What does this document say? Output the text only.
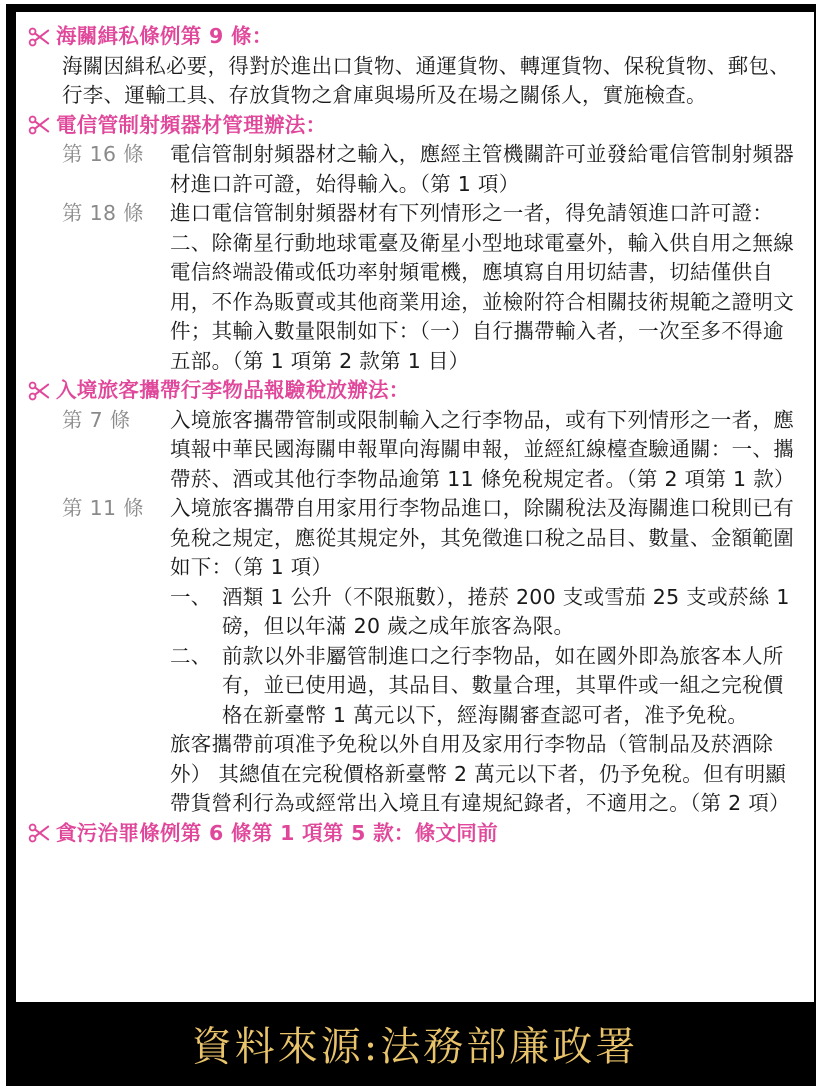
海關緝私條例第 9 條：

海關因緝私必要，得對於進出口貨物、通運貨物、轉運貨物、保稅貨物、郵包、行李、運輸工具、存放貨物之倉庫與場所及在場之關係人，實施檢查。

電信管制射頻器材管理辦法：
第 16 條	電信管制射頻器材之輸入，應經主管機關許可並發給電信管制射頻器材進口許可證，始得輸入。（第 1 項）
第 18 條	進口電信管制射頻器材有下列情形之一者，得免請領進口許可證：二、除衛星行動地球電臺及衛星小型地球電臺外，輸入供自用之無線電信終端設備或低功率射頻電機，應填寫自用切結書，切結僅供自用，不作為販賣或其他商業用途，並檢附符合相關技術規範之證明文件；其輸入數量限制如下：（一）自行攜帶輸入者，一次至多不得逾五部。（第 1 項第 2 款第 1 目）
入境旅客攜帶行李物品報驗稅放辦法：
第 7 條	入境旅客攜帶管制或限制輸入之行李物品，或有下列情形之一者，應填報中華民國海關申報單向海關申報，並經紅線檯查驗通關：一、攜帶菸、酒或其他行李物品逾第 11 條免稅規定者。（第 2 項第 1 款）
第 11 條	入境旅客攜帶自用家用行李物品進口，除關稅法及海關進口稅則已有免稅之規定，應從其規定外，其免徵進口稅之品目、數量、金額範圍如下：（第 1 項）
一、 酒類 1 公升（不限瓶數），捲菸 200 支或雪茄 25 支或菸絲 1 磅，但以年滿 20 歲之成年旅客為限。
二、 前款以外非屬管制進口之行李物品，如在國外即為旅客本人所有，並已使用過，其品目、數量合理，其單件或一組之完稅價格在新臺幣 1 萬元以下，經海關審查認可者，准予免稅。

旅客攜帶前項准予免稅以外自用及家用行李物品（管制品及菸酒除外） 其總值在完稅價格新臺幣 2 萬元以下者，仍予免稅。但有明顯帶貨營利行為或經常出入境且有違規紀錄者，不適用之。（第 2 項）

貪污治罪條例第 6 條第 1 項第 5 款：條文同前
資料來源:法務部廉政署
